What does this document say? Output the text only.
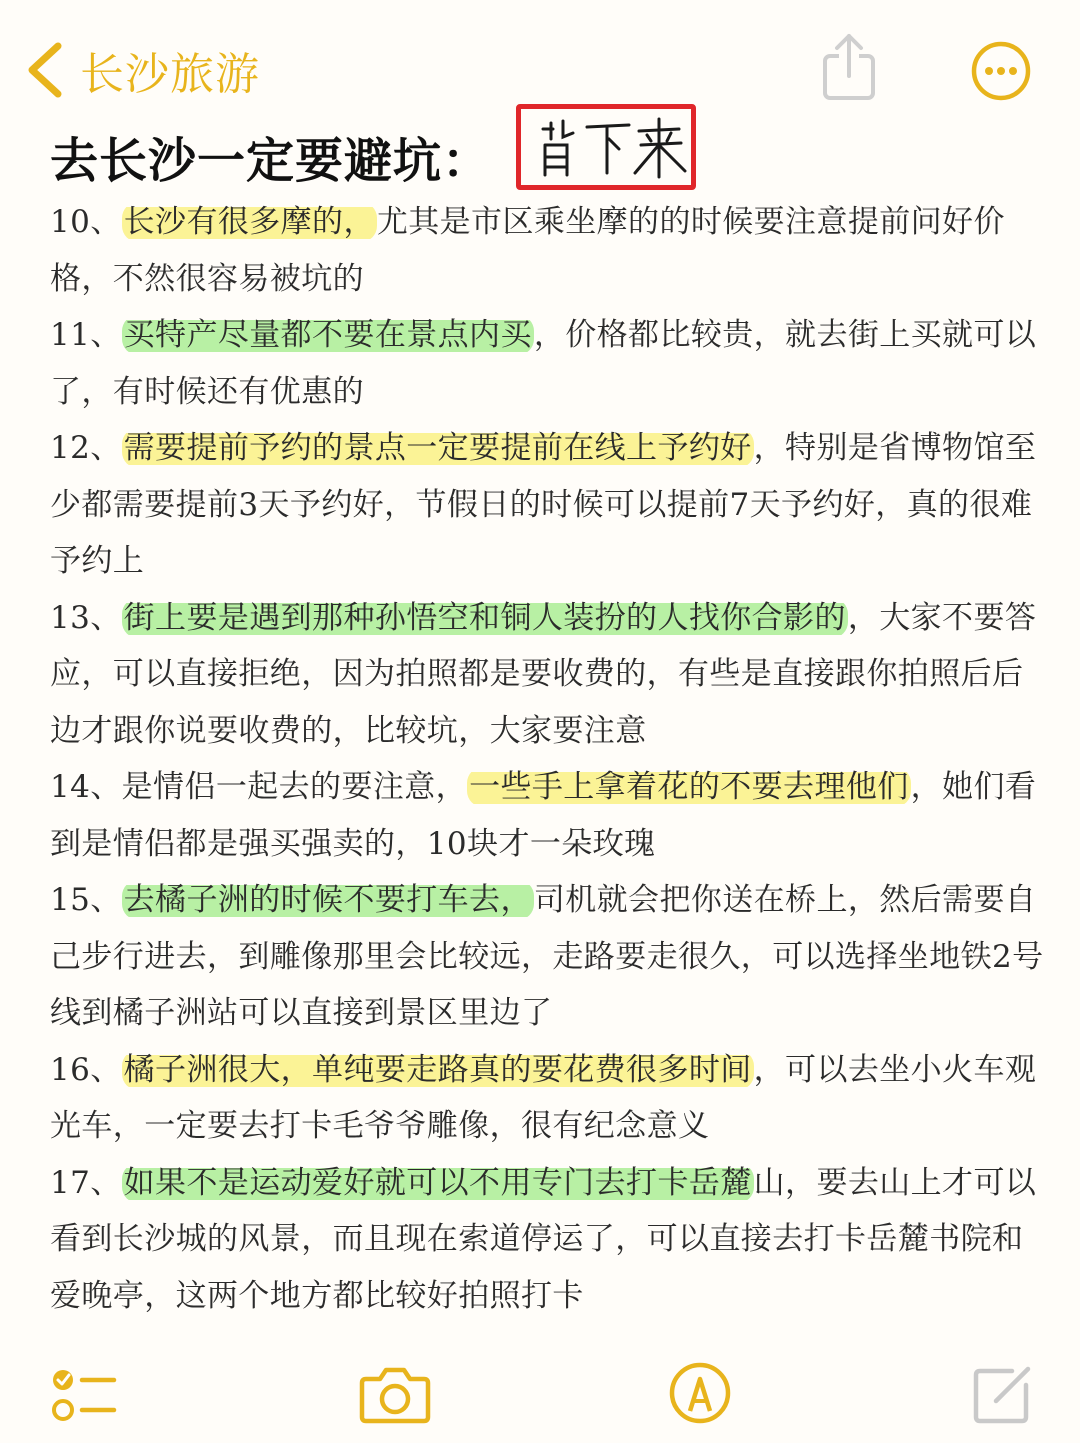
长沙旅游
去长沙一定要避坑：

10、长沙有很多摩的，尤其是市区乘坐摩的的时候要注意提前问好价格，不然很容易被坑的

11、买特产尽量都不要在景点内买，价格都比较贵，就去街上买就可以了，有时候还有优惠的

12、需要提前予约的景点一定要提前在线上予约好，特别是省博物馆至少都需要提前3天予约好，节假日的时候可以提前7天予约好，真的很难予约上

13、街上要是遇到那种孙悟空和铜人装扮的人找你合影的，大家不要答应，可以直接拒绝，因为拍照都是要收费的，有些是直接跟你拍照后后边才跟你说要收费的，比较坑，大家要注意

14、是情侣一起去的要注意，一些手上拿着花的不要去理他们，她们看到是情侣都是强买强卖的，10块才一朵玫瑰

15、去橘子洲的时候不要打车去，司机就会把你送在桥上，然后需要自己步行进去，到雕像那里会比较远，走路要走很久，可以选择坐地铁2号线到橘子洲站可以直接到景区里边了

16、橘子洲很大，单纯要走路真的要花费很多时间，可以去坐小火车观光车，一定要去打卡毛爷爷雕像，很有纪念意义

17、如果不是运动爱好就可以不用专门去打卡岳麓山，要去山上才可以看到长沙城的风景，而且现在索道停运了，可以直接去打卡岳麓书院和爱晚亭，这两个地方都比较好拍照打卡
